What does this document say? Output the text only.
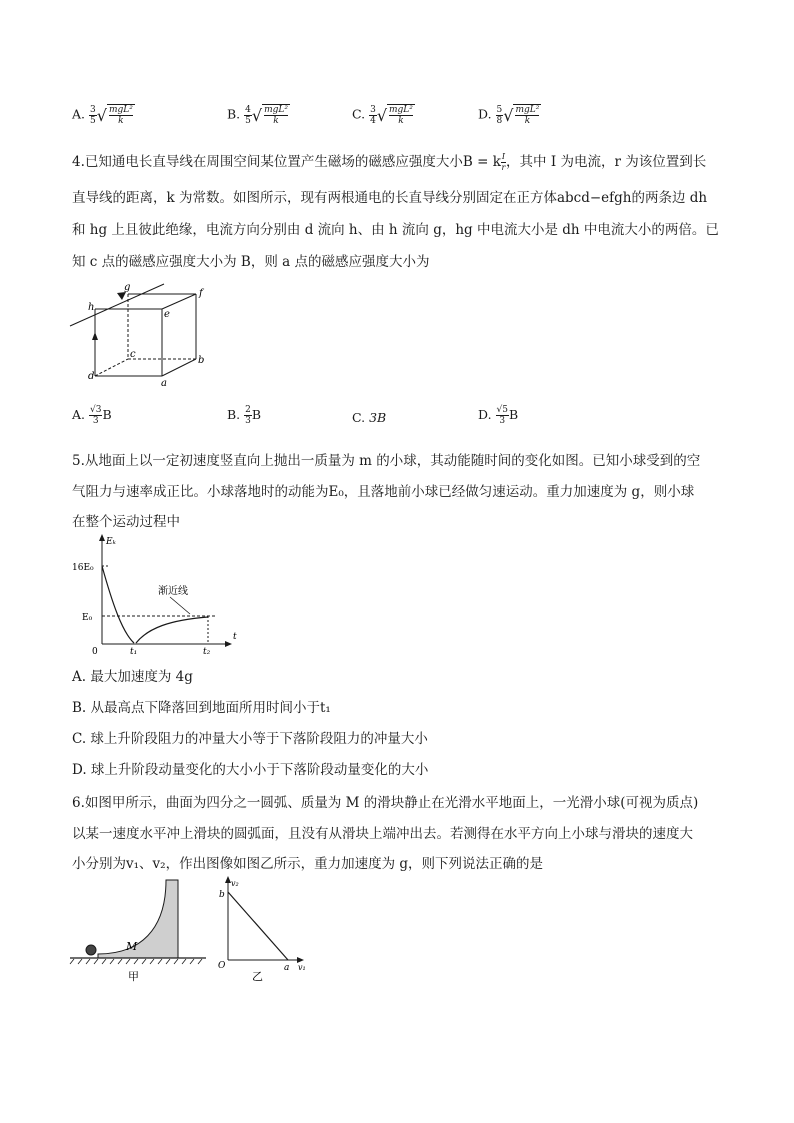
A. $\frac{3}{5}$ √ mgL²
k	B. $\frac{4}{5}$ √ mgL²
k	C. $\frac{3}{4}$ √ mgL²
k	D. $\frac{5}{8}$ √ mgL²
k
4.已知通电长直导线在周围空间某位置产生磁场的磁感应强度大小B = k $\frac{I}{r}$，其中 I 为电流，r 为该位置到长
直导线的距离，k 为常数。如图所示，现有两根通电的长直导线分别固定在正方体abcd−efgh的两条边 dh
和 hg 上且彼此绝缘，电流方向分别由 d 流向 h、由 h 流向 g，hg 中电流大小是 dh 中电流大小的两倍。已
知 c 点的磁感应强度大小为 B，则 a 点的磁感应强度大小为
h
g
f
e
c
b
d
a
A. $\frac{√3}{3}$ B	B. $\frac{2}{3}$ B	C. 3B	D. $\frac{√5}{3}$ B
5.从地面上以一定初速度竖直向上抛出一质量为 m 的小球，其动能随时间的变化如图。已知小球受到的空
气阻力与速率成正比。小球落地时的动能为E₀，且落地前小球已经做匀速运动。重力加速度为 g，则小球
在整个运动过程中
Eₖ
t
16E₀
E₀
0	t₁	t₂
渐近线
A. 最大加速度为 4g
B. 从最高点下降落回到地面所用时间小于t₁
C. 球上升阶段阻力的冲量大小等于下落阶段阻力的冲量大小
D. 球上升阶段动量变化的大小小于下落阶段动量变化的大小
6.如图甲所示，曲面为四分之一圆弧、质量为 M 的滑块静止在光滑水平地面上，一光滑小球(可视为质点)
以某一速度水平冲上滑块的圆弧面，且没有从滑块上端冲出去。若测得在水平方向上小球与滑块的速度大
小分别为v₁、v₂，作出图像如图乙所示，重力加速度为 g，则下列说法正确的是
M
甲
v₂
v₁
O
b
a
乙
